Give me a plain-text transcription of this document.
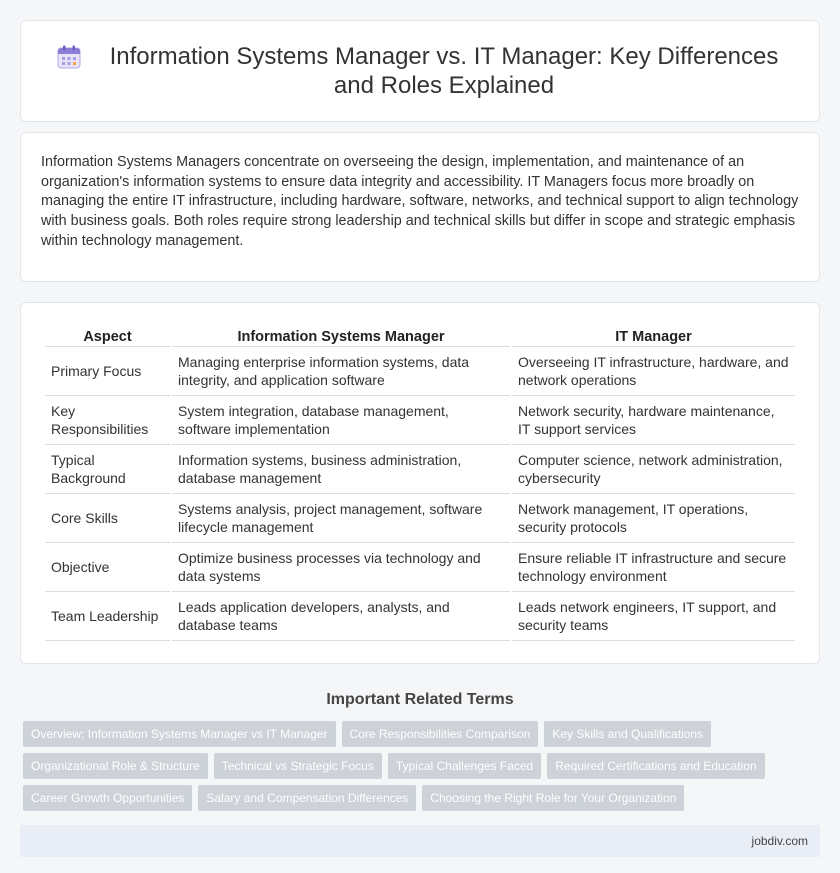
Information Systems Manager vs. IT Manager: Key Differences and Roles Explained

Information Systems Managers concentrate on overseeing the design, implementation, and maintenance of an organization's information systems to ensure data integrity and accessibility. IT Managers focus more broadly on managing the entire IT infrastructure, including hardware, software, networks, and technical support to align technology with business goals. Both roles require strong leadership and technical skills but differ in scope and strategic emphasis within technology management.

Aspect	Information Systems Manager	IT Manager
Primary Focus	Managing enterprise information systems, data integrity, and application software	Overseeing IT infrastructure, hardware, and network operations
Key Responsibilities	System integration, database management, software implementation	Network security, hardware maintenance, IT support services
Typical Background	Information systems, business administration, database management	Computer science, network administration, cybersecurity
Core Skills	Systems analysis, project management, software lifecycle management	Network management, IT operations, security protocols
Objective	Optimize business processes via technology and data systems	Ensure reliable IT infrastructure and secure technology environment
Team Leadership	Leads application developers, analysts, and database teams	Leads network engineers, IT support, and security teams
Important Related Terms
Overview: Information Systems Manager vs IT Manager	Core Responsibilities Comparison	Key Skills and Qualifications
Organizational Role & Structure	Technical vs Strategic Focus	Typical Challenges Faced	Required Certifications and Education
Career Growth Opportunities	Salary and Compensation Differences	Choosing the Right Role for Your Organization
jobdiv.com
